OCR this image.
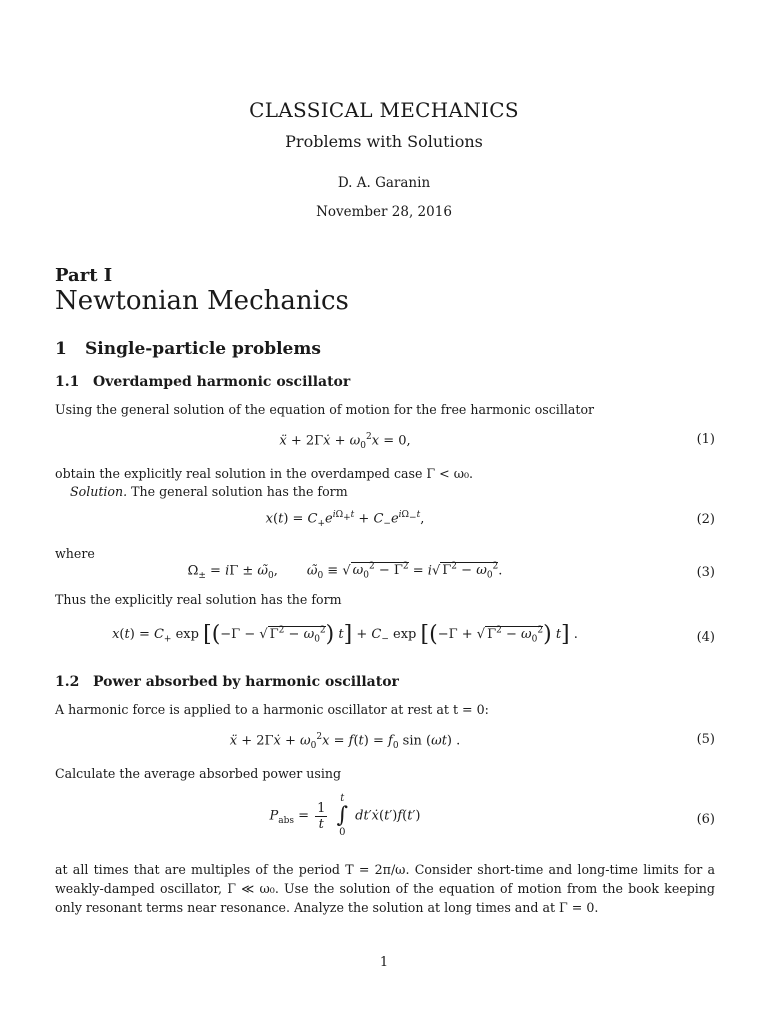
CLASSICAL MECHANICS
Problems with Solutions
D. A. Garanin
November 28, 2016
Part I
Newtonian Mechanics
1 Single-particle problems
1.1 Overdamped harmonic oscillator
Using the general solution of the equation of motion for the free harmonic oscillator
ẍ + 2Γẋ + $\omega_0^2x = 0$,	(1)
obtain the explicitly real solution in the overdamped case Γ < ω₀.
Solution. The general solution has the form
$x(t) = C_+e^{i\Omega_+t} + C_-e^{i\Omega_-t}$,	(2)
where
$\Omega_\pm = i\Gamma$ ± $\omegã_0$,       $\omegã_0$ ≡ √ $\omega_0^2 - \Gamma^2 = i√$ $\Gamma^2 - \omega_0^2$.	(3)
Thus the explicitly real solution has the form
$x(t) = C_+$ exp [(−Γ − √ $\Gamma^2 - \omega_0^2$) $t] + C_-$ exp [(−Γ + √ $\Gamma^2 - \omega_0^2$) t] .	(4)
1.2 Power absorbed by harmonic oscillator
A harmonic force is applied to a harmonic oscillator at rest at t = 0:
ẍ + 2Γẋ + $\omega_0^2x = f(t) = f_0$ sin (ωt) .	(5)
Calculate the average absorbed power using
$P_{abs} = \frac{1}{t}$
t
∫
0 dt′ẋ(t′)f(t′)	(6)
at all times that are multiples of the period T = 2π/ω. Consider short-time and long-time limits for a weakly-damped oscillator, Γ ≪ ω₀. Use the solution of the equation of motion from the book keeping only resonant terms near resonance. Analyze the solution at long times and at Γ = 0.
1
